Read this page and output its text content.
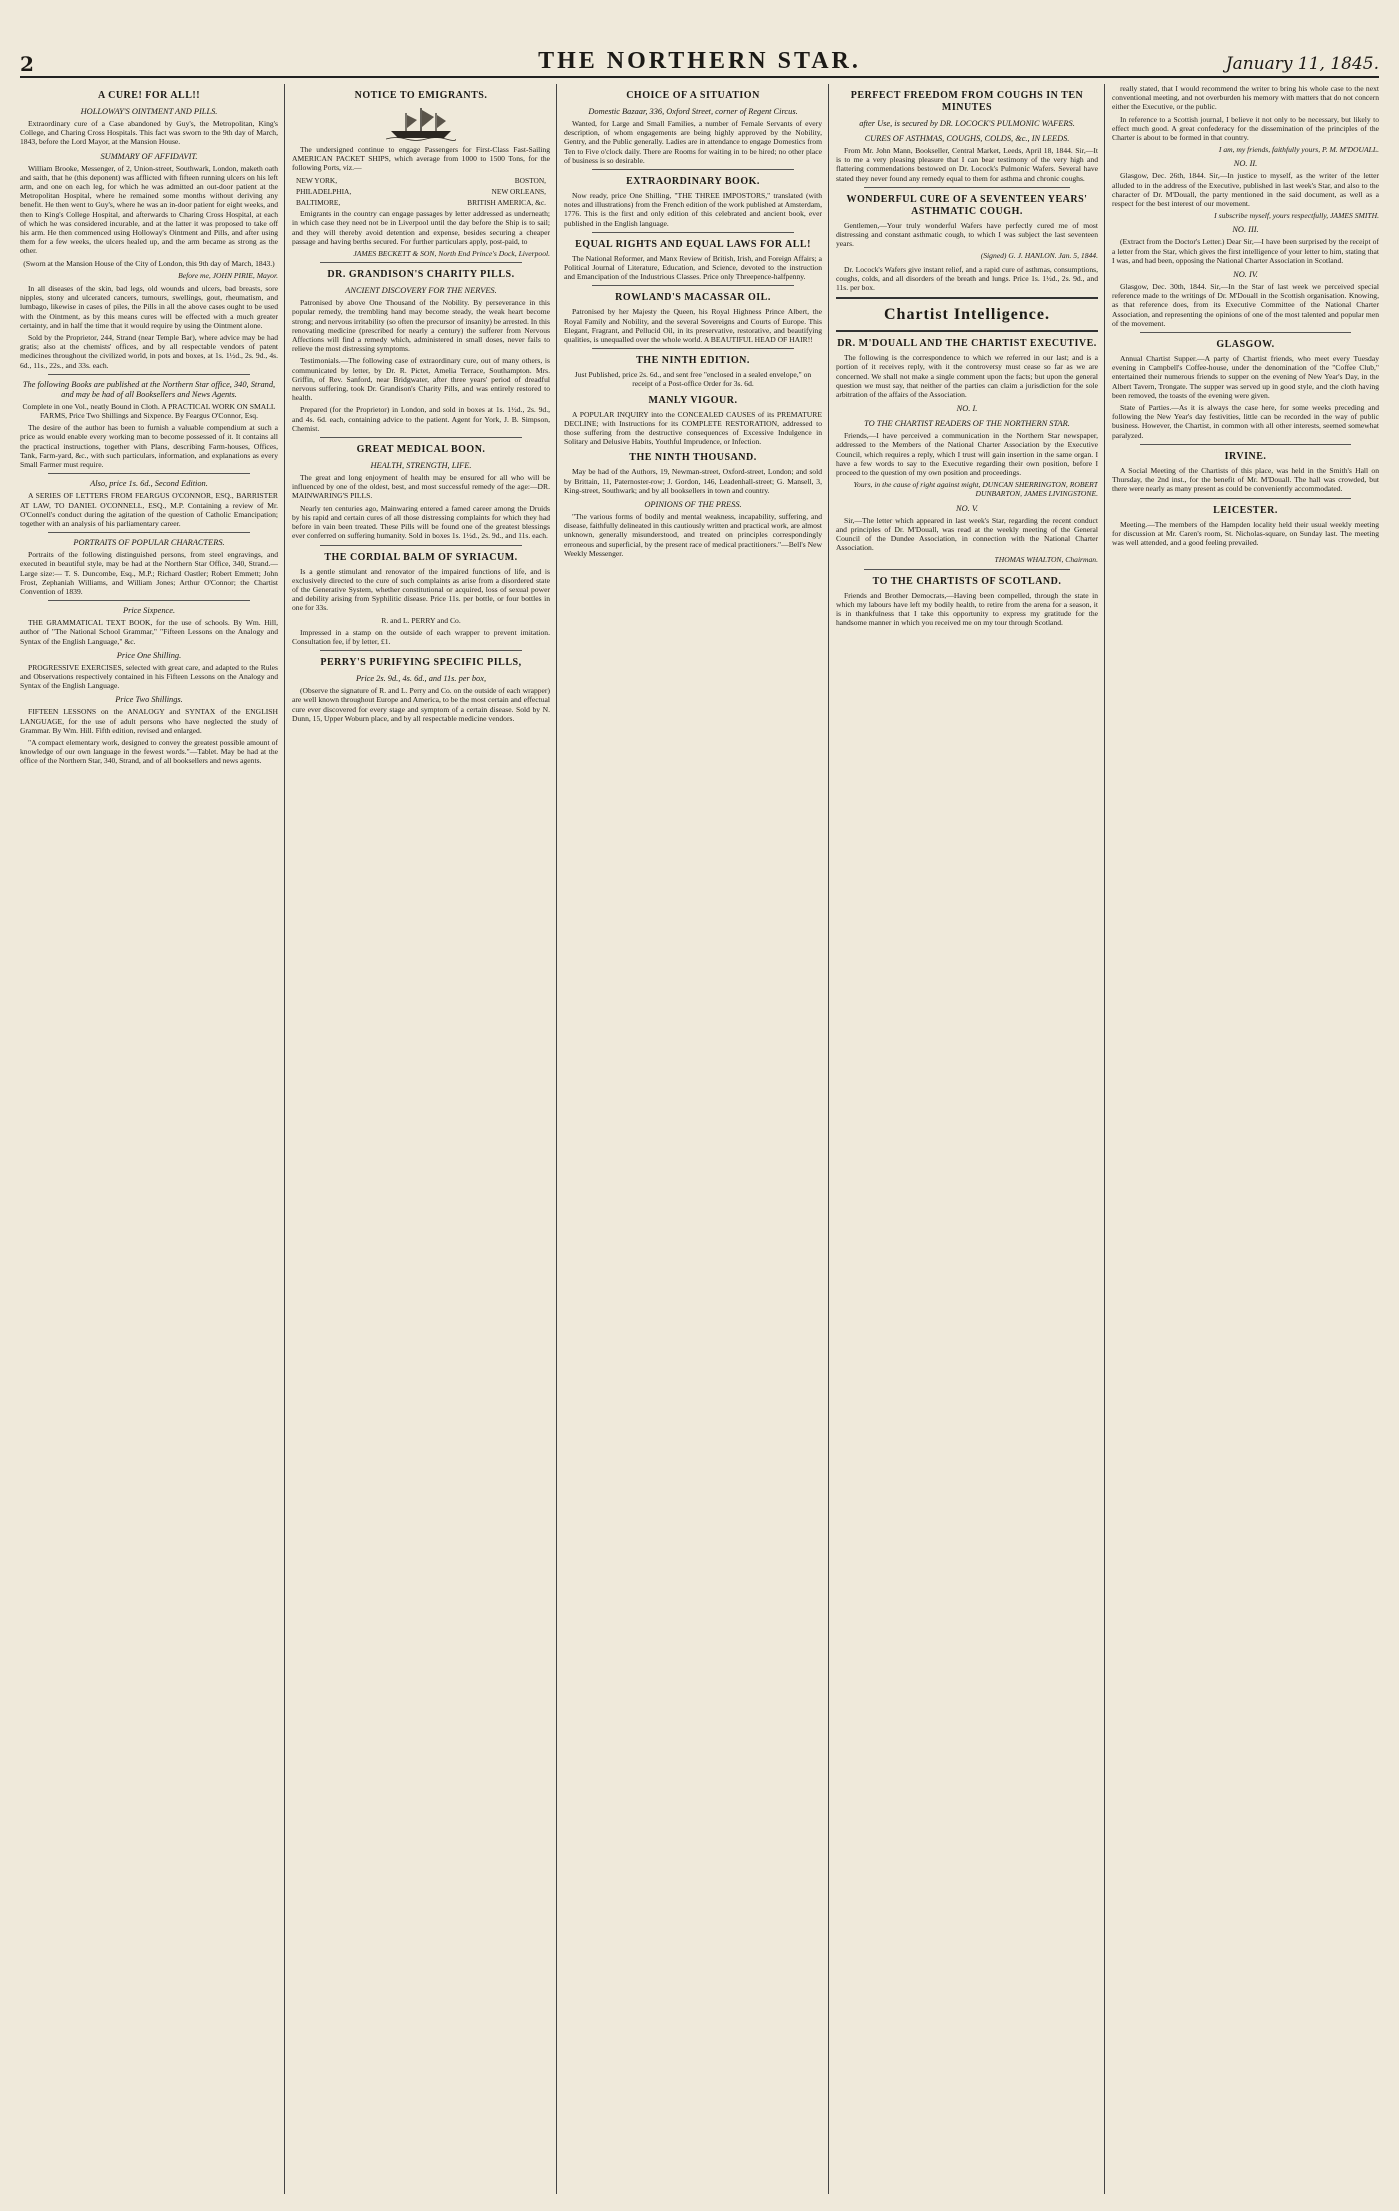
2	THE NORTHERN STAR.	January 11, 1845.
A CURE! FOR ALL!!
HOLLOWAY'S OINTMENT AND PILLS.

Extraordinary cure of a Case abandoned by Guy's, the Metropolitan, King's College, and Charing Cross Hospitals. This fact was sworn to the 9th day of March, 1843, before the Lord Mayor, at the Mansion House.

SUMMARY OF AFFIDAVIT.

William Brooke, Messenger, of 2, Union-street, Southwark, London, maketh oath and saith, that he (this deponent) was afflicted with fifteen running ulcers on his left arm, and one on each leg, for which he was admitted an out-door patient at the Metropolitan Hospital, where he remained some months without deriving any benefit. He then went to Guy's, where he was an in-door patient for eight weeks, and then to King's College Hospital, and afterwards to Charing Cross Hospital, at each of which he was considered incurable, and at the latter it was proposed to take off his arm. He then commenced using Holloway's Ointment and Pills, and after using them for a few weeks, the ulcers healed up, and the arm became as strong as the other.

(Sworn at the Mansion House of the City of London, this 9th day of March, 1843.)

Before me, JOHN PIRIE, Mayor.

In all diseases of the skin, bad legs, old wounds and ulcers, bad breasts, sore nipples, stony and ulcerated cancers, tumours, swellings, gout, rheumatism, and lumbago, likewise in cases of piles, the Pills in all the above cases ought to be used with the Ointment, as by this means cures will be effected with a much greater certainty, and in half the time that it would require by using the Ointment alone.

Sold by the Proprietor, 244, Strand (near Temple Bar), where advice may be had gratis; also at the chemists' offices, and by all respectable vendors of patent medicines throughout the civilized world, in pots and boxes, at 1s. 1½d., 2s. 9d., 4s. 6d., 11s., 22s., and 33s. each.

The following Books are published at the Northern Star office, 340, Strand, and may be had of all Booksellers and News Agents.

Complete in one Vol., neatly Bound in Cloth. A PRACTICAL WORK ON SMALL FARMS, Price Two Shillings and Sixpence. By Feargus O'Connor, Esq.

The desire of the author has been to furnish a valuable compendium at such a price as would enable every working man to become possessed of it. It contains all the practical instructions, together with Plans, describing Farm-houses, Offices, Tank, Farm-yard, &c., with such particulars, information, and explanations as every Small Farmer must require.

Also, price 1s. 6d., Second Edition.

A SERIES OF LETTERS FROM FEARGUS O'CONNOR, ESQ., BARRISTER AT LAW, TO DANIEL O'CONNELL, ESQ., M.P. Containing a review of Mr. O'Connell's conduct during the agitation of the question of Catholic Emancipation; together with an analysis of his parliamentary career.

PORTRAITS OF POPULAR CHARACTERS.

Portraits of the following distinguished persons, from steel engravings, and executed in beautiful style, may be had at the Northern Star Office, 340, Strand.—Large size:— T. S. Duncombe, Esq., M.P.; Richard Oastler; Robert Emmett; John Frost, Zephaniah Williams, and William Jones; Arthur O'Connor; the Chartist Convention of 1839.

Price Sixpence.

THE GRAMMATICAL TEXT BOOK, for the use of schools. By Wm. Hill, author of "The National School Grammar," "Fifteen Lessons on the Analogy and Syntax of the English Language," &c.

Price One Shilling.

PROGRESSIVE EXERCISES, selected with great care, and adapted to the Rules and Observations respectively contained in his Fifteen Lessons on the Analogy and Syntax of the English Language.

Price Two Shillings.

FIFTEEN LESSONS on the ANALOGY and SYNTAX of the ENGLISH LANGUAGE, for the use of adult persons who have neglected the study of Grammar. By Wm. Hill. Fifth edition, revised and enlarged.

"A compact elementary work, designed to convey the greatest possible amount of knowledge of our own language in the fewest words."—Tablet. May be had at the office of the Northern Star, 340, Strand, and of all booksellers and news agents.

NOTICE TO EMIGRANTS.

The undersigned continue to engage Passengers for First-Class Fast-Sailing AMERICAN PACKET SHIPS, which average from 1000 to 1500 Tons, for the following Ports, viz.—

NEW YORK,	BOSTON,
PHILADELPHIA,	NEW ORLEANS,
BALTIMORE,	BRITISH AMERICA, &c.

Emigrants in the country can engage passages by letter addressed as underneath; in which case they need not be in Liverpool until the day before the Ship is to sail; and they will thereby avoid detention and expense, besides securing a cheaper passage and having berths secured. For further particulars apply, post-paid, to

JAMES BECKETT & SON, North End Prince's Dock, Liverpool.

DR. GRANDISON'S CHARITY PILLS.
ANCIENT DISCOVERY FOR THE NERVES.

Patronised by above One Thousand of the Nobility. By perseverance in this popular remedy, the trembling hand may become steady, the weak heart become strong; and nervous irritability (so often the precursor of insanity) be arrested. In this renovating medicine (prescribed for nearly a century) the sufferer from Nervous Affections will find a remedy which, administered in small doses, never fails to relieve the most distressing symptoms.

Testimonials.—The following case of extraordinary cure, out of many others, is communicated by letter, by Dr. R. Pictet, Amelia Terrace, Southampton. Mrs. Griffin, of Rev. Sanford, near Bridgwater, after three years' period of dreadful nervous suffering, took Dr. Grandison's Charity Pills, and was entirely restored to health.

Prepared (for the Proprietor) in London, and sold in boxes at 1s. 1½d., 2s. 9d., and 4s. 6d. each, containing advice to the patient. Agent for York, J. B. Simpson, Chemist.

GREAT MEDICAL BOON.
HEALTH, STRENGTH, LIFE.

The great and long enjoyment of health may be ensured for all who will be influenced by one of the oldest, best, and most successful remedy of the age:—DR. MAINWARING'S PILLS.

Nearly ten centuries ago, Mainwaring entered a famed career among the Druids by his rapid and certain cures of all those distressing complaints for which they had before in vain been treated. These Pills will be found one of the greatest blessings ever conferred on suffering humanity. Sold in boxes 1s. 1½d., 2s. 9d., and 11s. each.

THE CORDIAL BALM OF SYRIACUM.

Is a gentle stimulant and renovator of the impaired functions of life, and is exclusively directed to the cure of such complaints as arise from a disordered state of the Generative System, whether constitutional or acquired, loss of sexual power and debility arising from Syphilitic disease. Price 11s. per bottle, or four bottles in one for 33s.

R. and L. PERRY and Co.

Impressed in a stamp on the outside of each wrapper to prevent imitation. Consultation fee, if by letter, £1.

PERRY'S PURIFYING SPECIFIC PILLS,
Price 2s. 9d., 4s. 6d., and 11s. per box,

(Observe the signature of R. and L. Perry and Co. on the outside of each wrapper) are well known throughout Europe and America, to be the most certain and effectual cure ever discovered for every stage and symptom of a certain disease. Sold by N. Dunn, 15, Upper Woburn place, and by all respectable medicine vendors.

CHOICE OF A SITUATION
Domestic Bazaar, 336, Oxford Street, corner of Regent Circus.

Wanted, for Large and Small Families, a number of Female Servants of every description, of whom engagements are being highly approved by the Nobility, Gentry, and the Public generally. Ladies are in attendance to engage Domestics from Ten to Five o'clock daily. There are Rooms for waiting in to be hired; no other place of business is so desirable.

EXTRAORDINARY BOOK.

Now ready, price One Shilling, "THE THREE IMPOSTORS," translated (with notes and illustrations) from the French edition of the work published at Amsterdam, 1776. This is the first and only edition of this celebrated and ancient book, ever published in the English language.

EQUAL RIGHTS AND EQUAL LAWS FOR ALL!

The National Reformer, and Manx Review of British, Irish, and Foreign Affairs; a Political Journal of Literature, Education, and Science, devoted to the instruction and Emancipation of the Industrious Classes. Price only Threepence-halfpenny.

ROWLAND'S MACASSAR OIL.

Patronised by her Majesty the Queen, his Royal Highness Prince Albert, the Royal Family and Nobility, and the several Sovereigns and Courts of Europe. This Elegant, Fragrant, and Pellucid Oil, in its preservative, restorative, and beautifying qualities, is unequalled over the whole world. A BEAUTIFUL HEAD OF HAIR!!

THE NINTH EDITION.

Just Published, price 2s. 6d., and sent free "enclosed in a sealed envelope," on receipt of a Post-office Order for 3s. 6d.

MANLY VIGOUR.

A POPULAR INQUIRY into the CONCEALED CAUSES of its PREMATURE DECLINE; with Instructions for its COMPLETE RESTORATION, addressed to those suffering from the destructive consequences of Excessive Indulgence in Solitary and Delusive Habits, Youthful Imprudence, or Infection.

THE NINTH THOUSAND.

May be had of the Authors, 19, Newman-street, Oxford-street, London; and sold by Brittain, 11, Paternoster-row; J. Gordon, 146, Leadenhall-street; G. Mansell, 3, King-street, Southwark; and by all booksellers in town and country.

OPINIONS OF THE PRESS.

"The various forms of bodily and mental weakness, incapability, suffering, and disease, faithfully delineated in this cautiously written and practical work, are almost unknown, generally misunderstood, and treated on principles correspondingly erroneous and superficial, by the present race of medical practitioners."—Bell's New Weekly Messenger.

PERFECT FREEDOM FROM COUGHS IN TEN MINUTES
after Use, is secured by DR. LOCOCK'S PULMONIC WAFERS.
CURES OF ASTHMAS, COUGHS, COLDS, &c., IN LEEDS.

From Mr. John Mann, Bookseller, Central Market, Leeds, April 18, 1844. Sir,—It is to me a very pleasing pleasure that I can bear testimony of the very high and flattering commendations bestowed on Dr. Locock's Pulmonic Wafers. Several have stated they never found any remedy equal to them for asthma and chronic coughs.

WONDERFUL CURE OF A SEVENTEEN YEARS' ASTHMATIC COUGH.

Gentlemen,—Your truly wonderful Wafers have perfectly cured me of most distressing and constant asthmatic cough, to which I was subject the last seventeen years.

(Signed) G. J. HANLON. Jan. 5, 1844.

Dr. Locock's Wafers give instant relief, and a rapid cure of asthmas, consumptions, coughs, colds, and all disorders of the breath and lungs. Price 1s. 1½d., 2s. 9d., and 11s. per box.

Chartist Intelligence.
DR. M'DOUALL AND THE CHARTIST EXECUTIVE.

The following is the correspondence to which we referred in our last; and is a portion of it receives reply, with it the controversy must cease so far as we are concerned. We shall not make a single comment upon the facts; but upon the general question we must say, that neither of the parties can claim a jurisdiction for the sole arbitration of the affairs of the Association.

NO. I.
TO THE CHARTIST READERS OF THE NORTHERN STAR.

Friends,—I have perceived a communication in the Northern Star newspaper, addressed to the Members of the National Charter Association by the Executive Council, which requires a reply, which I trust will gain insertion in the same organ. I have a few words to say to the Executive regarding their own position, before I proceed to the question of my own position and proceedings.

Yours, in the cause of right against might, DUNCAN SHERRINGTON, ROBERT DUNBARTON, JAMES LIVINGSTONE.

NO. V.

Sir,—The letter which appeared in last week's Star, regarding the recent conduct and principles of Dr. M'Douall, was read at the weekly meeting of the General Council of the Dundee Association, in connection with the National Charter Association.

THOMAS WHALTON, Chairman.

TO THE CHARTISTS OF SCOTLAND.

Friends and Brother Democrats,—Having been compelled, through the state in which my labours have left my bodily health, to retire from the arena for a season, it is in thankfulness that I take this opportunity to express my gratitude for the handsome manner in which you received me on my tour through Scotland.

really stated, that I would recommend the writer to bring his whole case to the next conventional meeting, and not overburden his memory with matters that do not concern either the Executive, or the public.

In reference to a Scottish journal, I believe it not only to be necessary, but likely to effect much good. A great confederacy for the dissemination of the principles of the Charter is about to be formed in that country.

I am, my friends, faithfully yours, P. M. M'DOUALL.

NO. II.

Glasgow, Dec. 26th, 1844. Sir,—In justice to myself, as the writer of the letter alluded to in the address of the Executive, published in last week's Star, and also to the character of Dr. M'Douall, the party mentioned in the said document, as well as a respect for the best interest of our movement.

I subscribe myself, yours respectfully, JAMES SMITH.

NO. III.

(Extract from the Doctor's Letter.) Dear Sir,—I have been surprised by the receipt of a letter from the Star, which gives the first intelligence of your letter to him, stating that I was, and had been, opposing the National Charter Association in Scotland.

NO. IV.

Glasgow, Dec. 30th, 1844. Sir,—In the Star of last week we perceived special reference made to the writings of Dr. M'Douall in the Scottish organisation. Knowing, as that reference does, from its Executive Committee of the National Charter Association, and representing the opinions of one of the most talented and popular men of the movement.

GLASGOW.

Annual Chartist Supper.—A party of Chartist friends, who meet every Tuesday evening in Campbell's Coffee-house, under the denomination of the "Coffee Club," entertained their numerous friends to supper on the evening of New Year's Day, in the Albert Tavern, Trongate. The supper was served up in good style, and the cloth having been removed, the toasts of the evening were given.

State of Parties.—As it is always the case here, for some weeks preceding and following the New Year's day festivities, little can be recorded in the way of public business. However, the Chartist, in common with all other interests, seemed somewhat paralyzed.

IRVINE.

A Social Meeting of the Chartists of this place, was held in the Smith's Hall on Thursday, the 2nd inst., for the benefit of Mr. M'Douall. The hall was crowded, but there were nearly as many present as could be conveniently accommodated.

LEICESTER.

Meeting.—The members of the Hampden locality held their usual weekly meeting for discussion at Mr. Caren's room, St. Nicholas-square, on Sunday last. The meeting was well attended, and a good feeling prevailed.
